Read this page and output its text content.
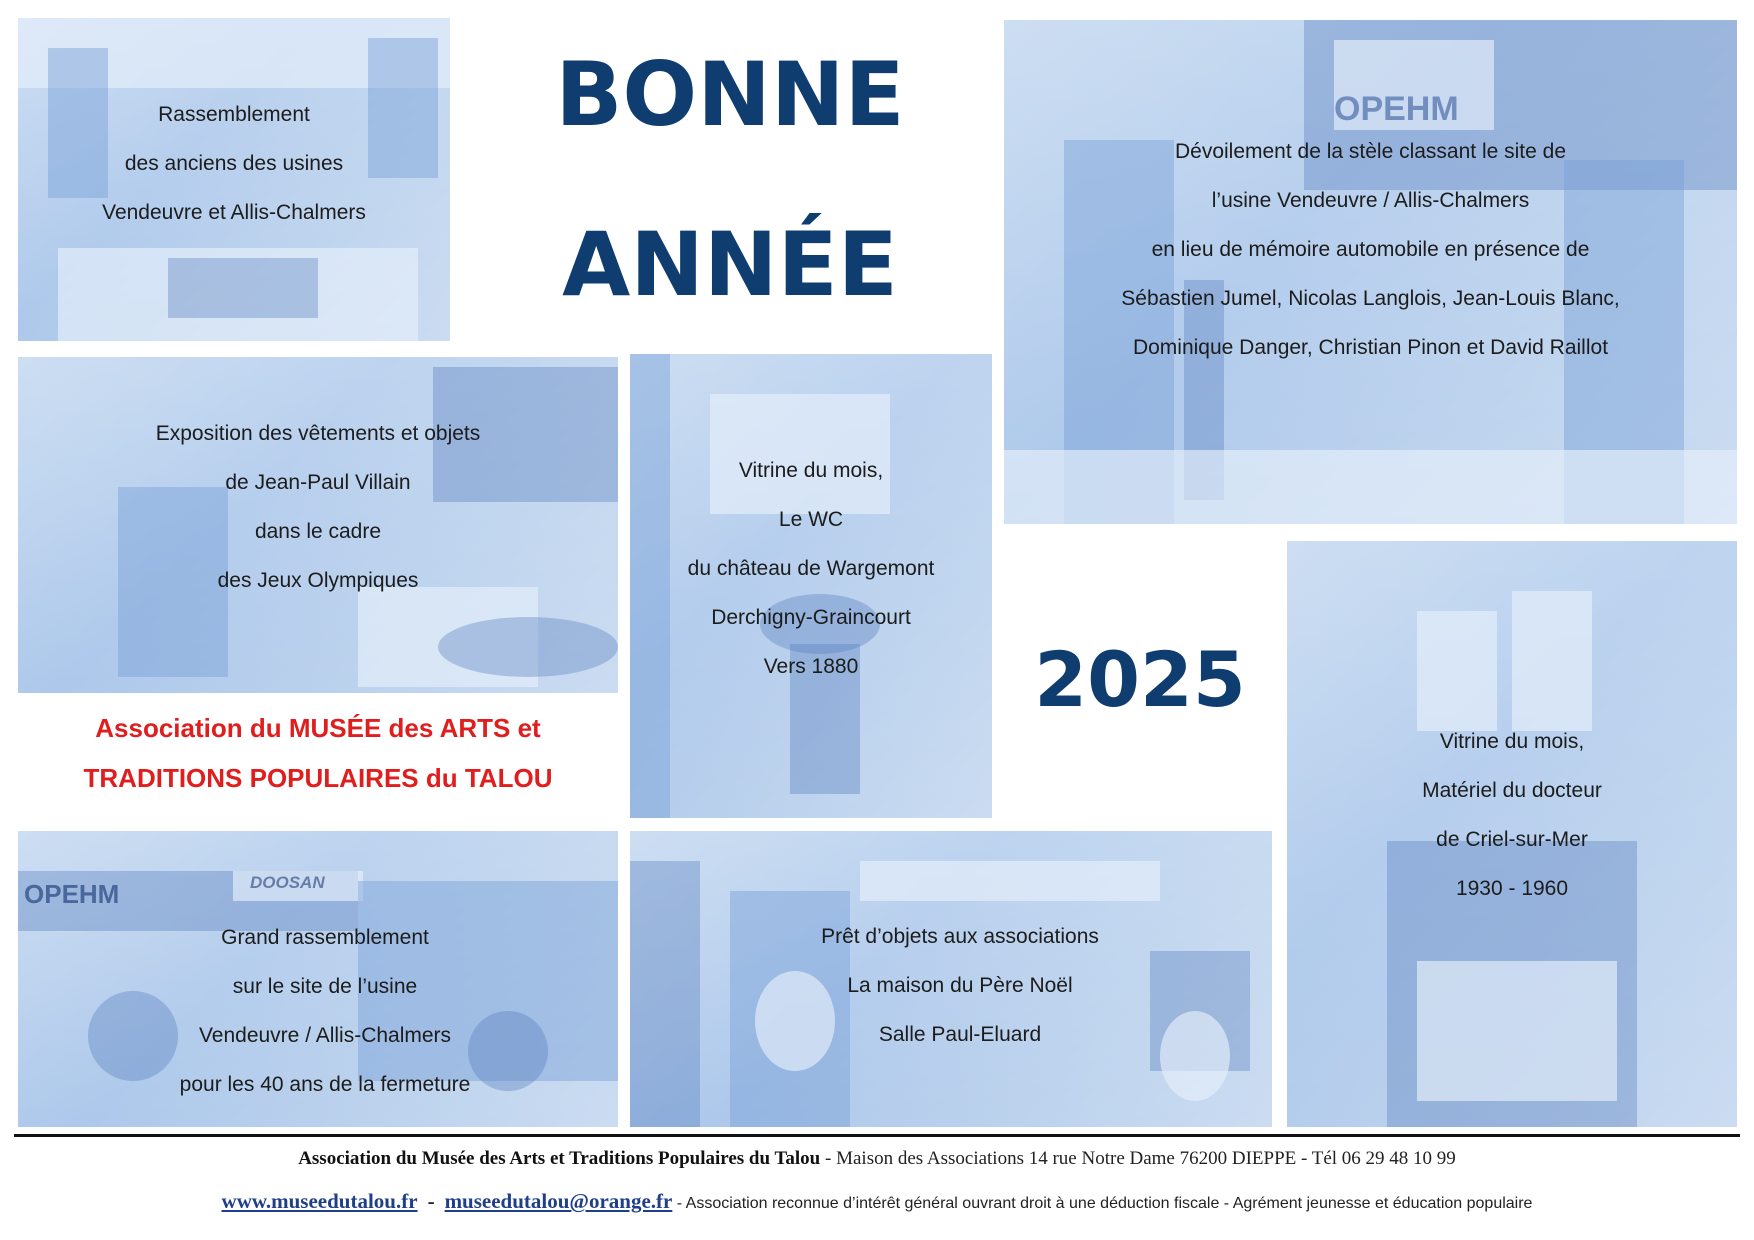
Rassemblement
des anciens des usines
Vendeuvre et Allis-Chalmers
BONNE
ANNÉE
OPEHM
Dévoilement de la stèle classant le site de
l’usine Vendeuvre / Allis-Chalmers
en lieu de mémoire automobile en présence de
Sébastien Jumel, Nicolas Langlois, Jean-Louis Blanc,
Dominique Danger, Christian Pinon et David Raillot
Exposition des vêtements et objets
de Jean-Paul Villain
dans le cadre
des Jeux Olympiques
Vitrine du mois,
Le WC
du château de Wargemont
Derchigny-Graincourt
Vers 1880	2025
Vitrine du mois,
Matériel du docteur
de Criel-sur-Mer
1930 - 1960
Association du MUSÉE des ARTS et
TRADITIONS POPULAIRES du TALOU
OPEHM	DOOSAN
Grand rassemblement
sur le site de l’usine
Vendeuvre / Allis-Chalmers
pour les 40 ans de la fermeture
Prêt d’objets aux associations
La maison du Père Noël
Salle Paul-Eluard
Association du Musée des Arts et Traditions Populaires du Talou - Maison des Associations 14 rue Notre Dame 76200 DIEPPE - Tél 06 29 48 10 99
www.museedutalou.fr - museedutalou@orange.fr - Association reconnue d’intérêt général ouvrant droit à une déduction fiscale - Agrément jeunesse et éducation populaire
